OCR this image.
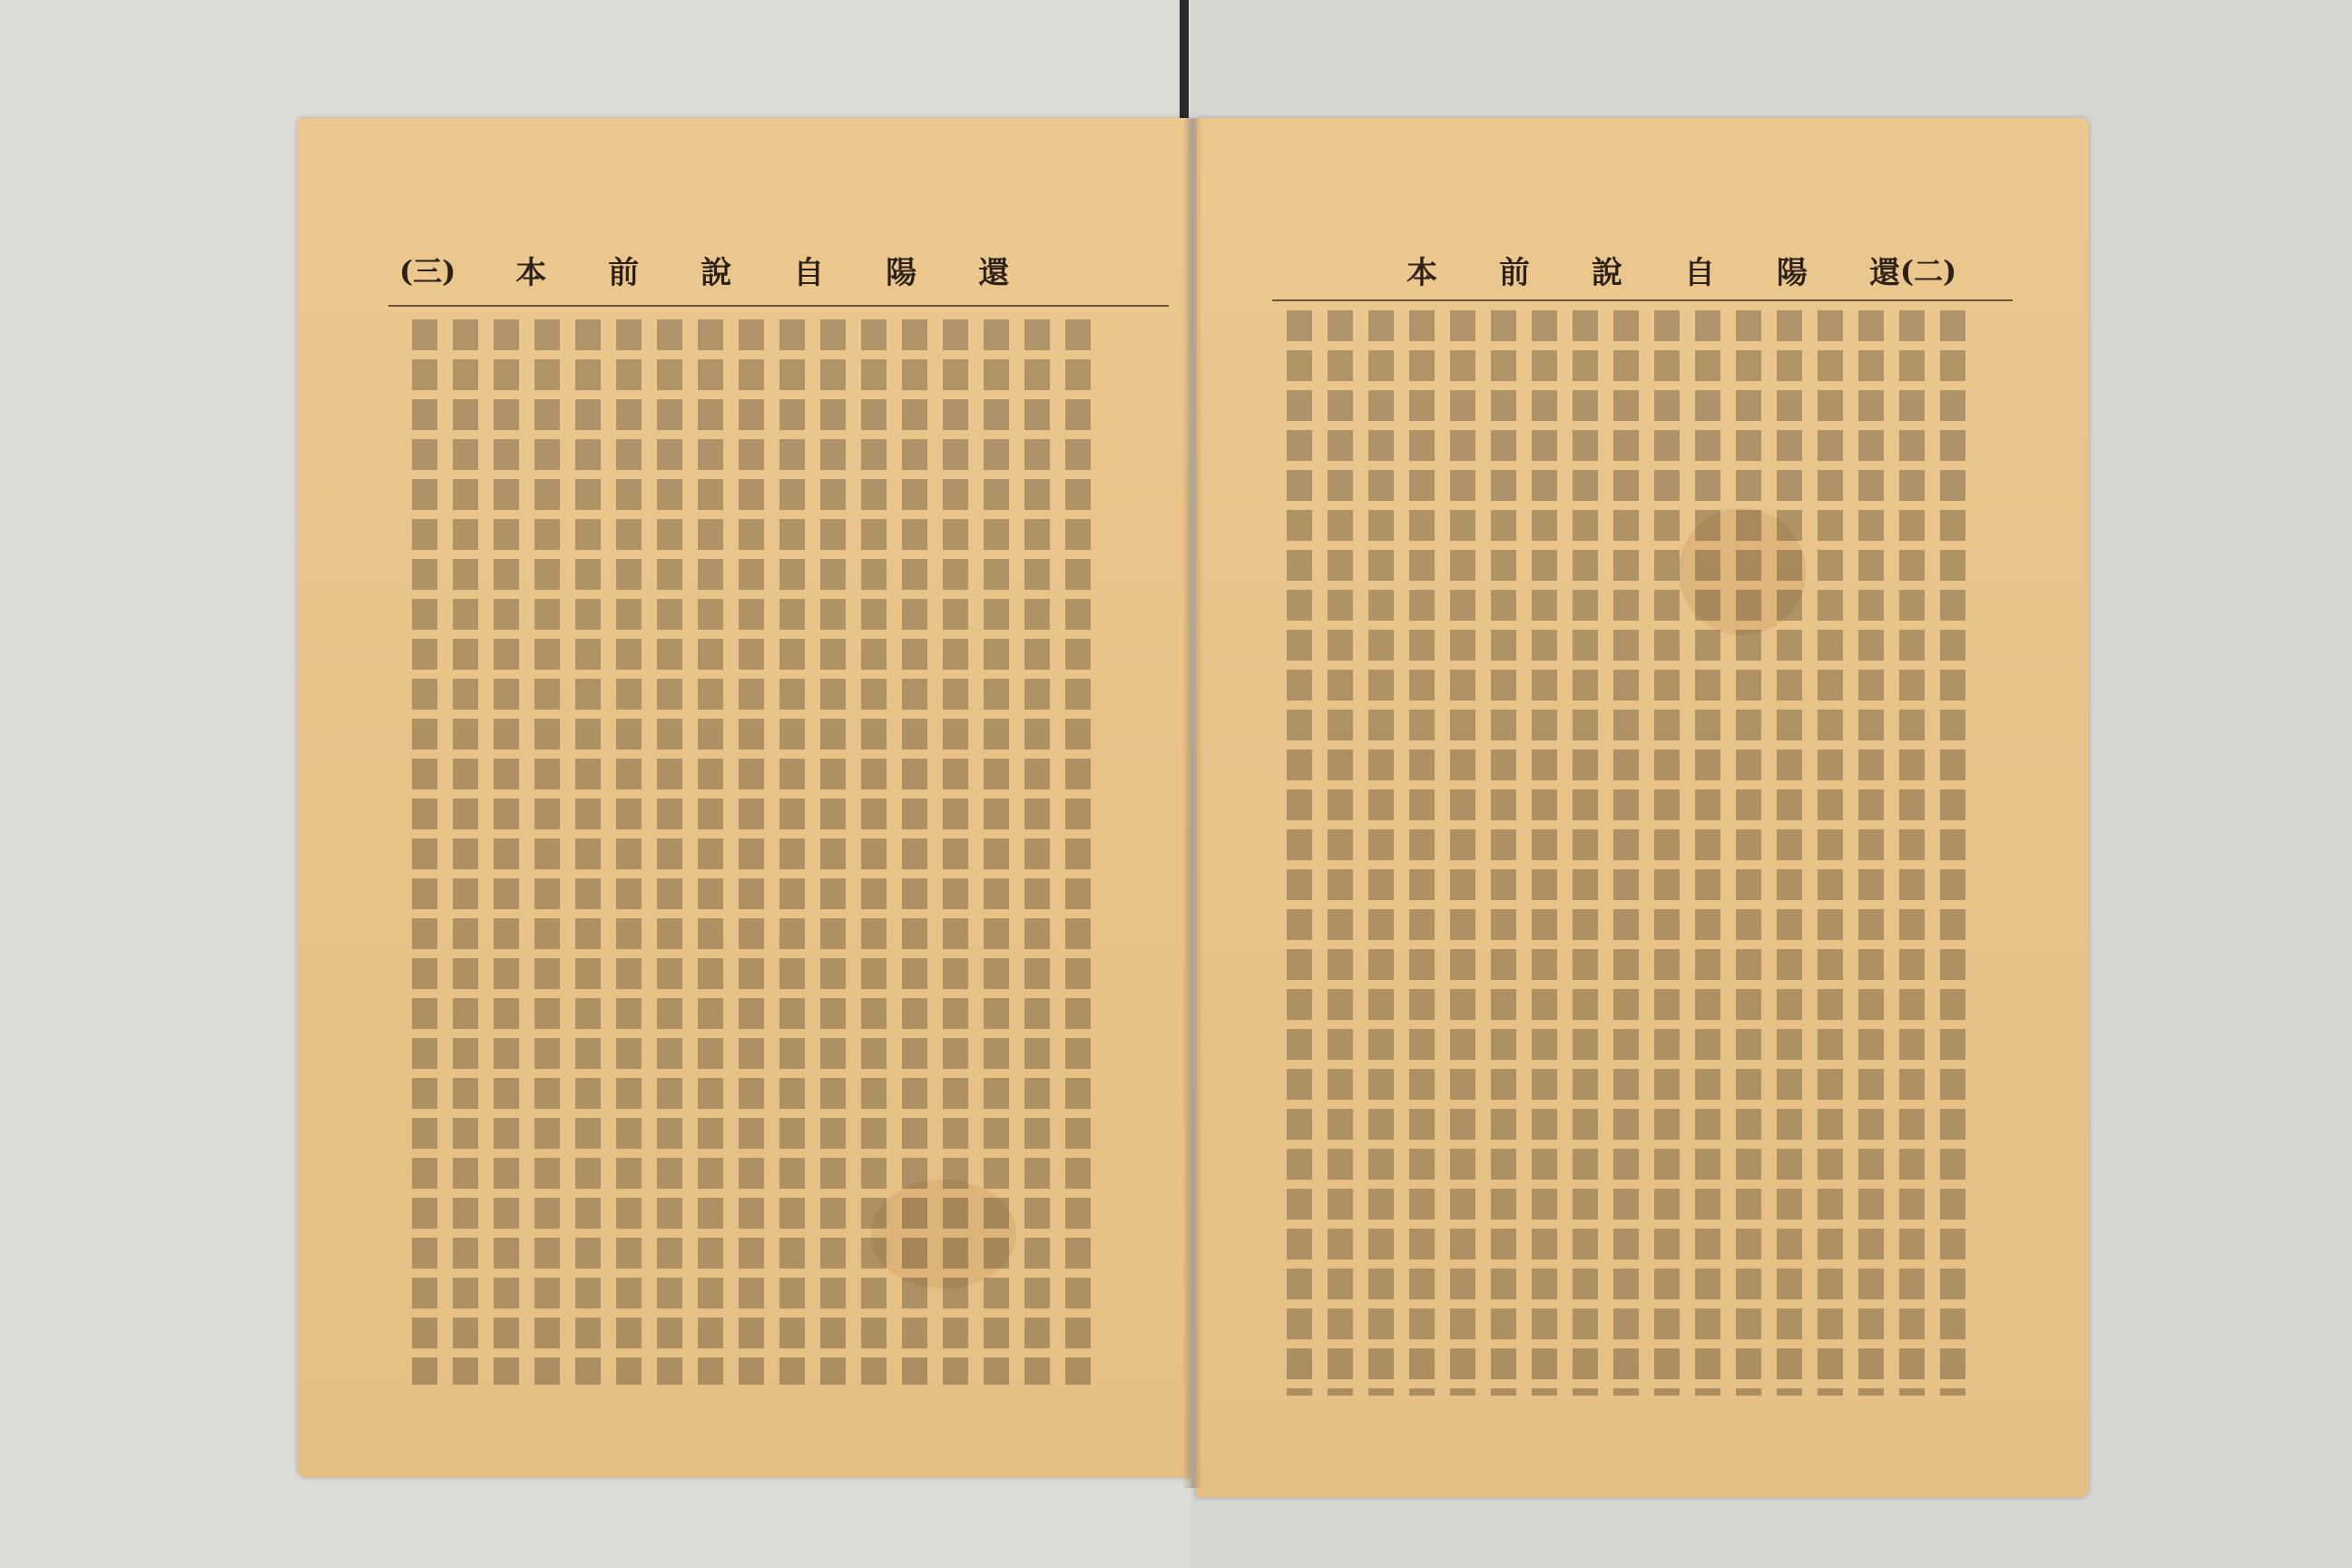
(三) 本 前 說 自 陽 還	本 前 說 自 陽 還 (二)
